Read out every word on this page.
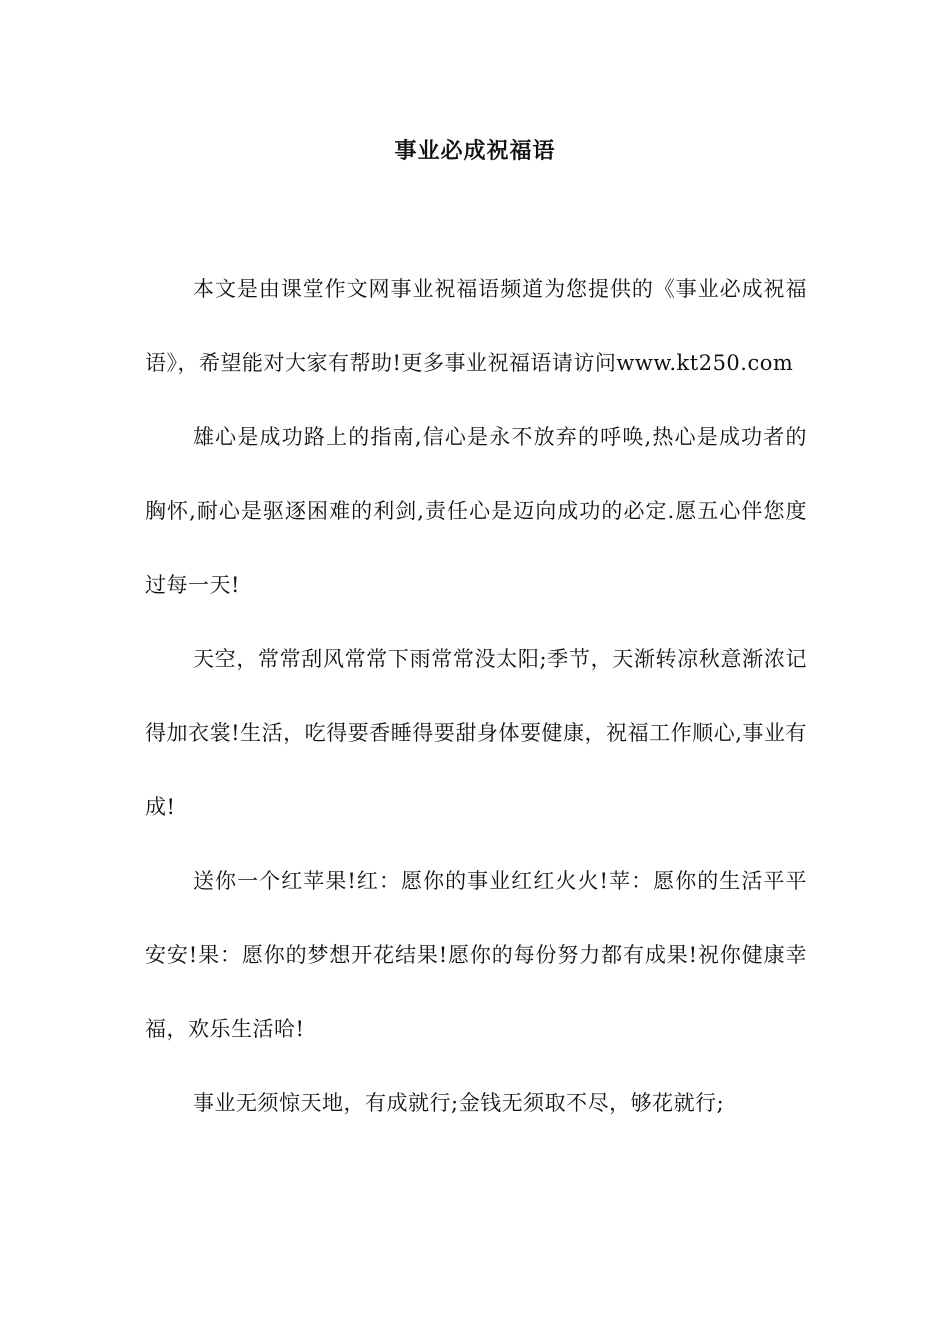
事业必成祝福语

本文是由课堂作文网事业祝福语频道为您提供的《事业必成祝福语》，希望能对大家有帮助!更多事业祝福语请访问www.kt250.com

雄心是成功路上的指南,信心是永不放弃的呼唤,热心是成功者的胸怀,耐心是驱逐困难的利剑,责任心是迈向成功的必定.愿五心伴您度过每一天!

天空，常常刮风常常下雨常常没太阳;季节，天渐转凉秋意渐浓记得加衣裳!生活，吃得要香睡得要甜身体要健康，祝福工作顺心,事业有成!

送你一个红苹果!红：愿你的事业红红火火!苹：愿你的生活平平安安!果：愿你的梦想开花结果!愿你的每份努力都有成果!祝你健康幸福，欢乐生活哈!

事业无须惊天地，有成就行;金钱无须取不尽，够花就行;
